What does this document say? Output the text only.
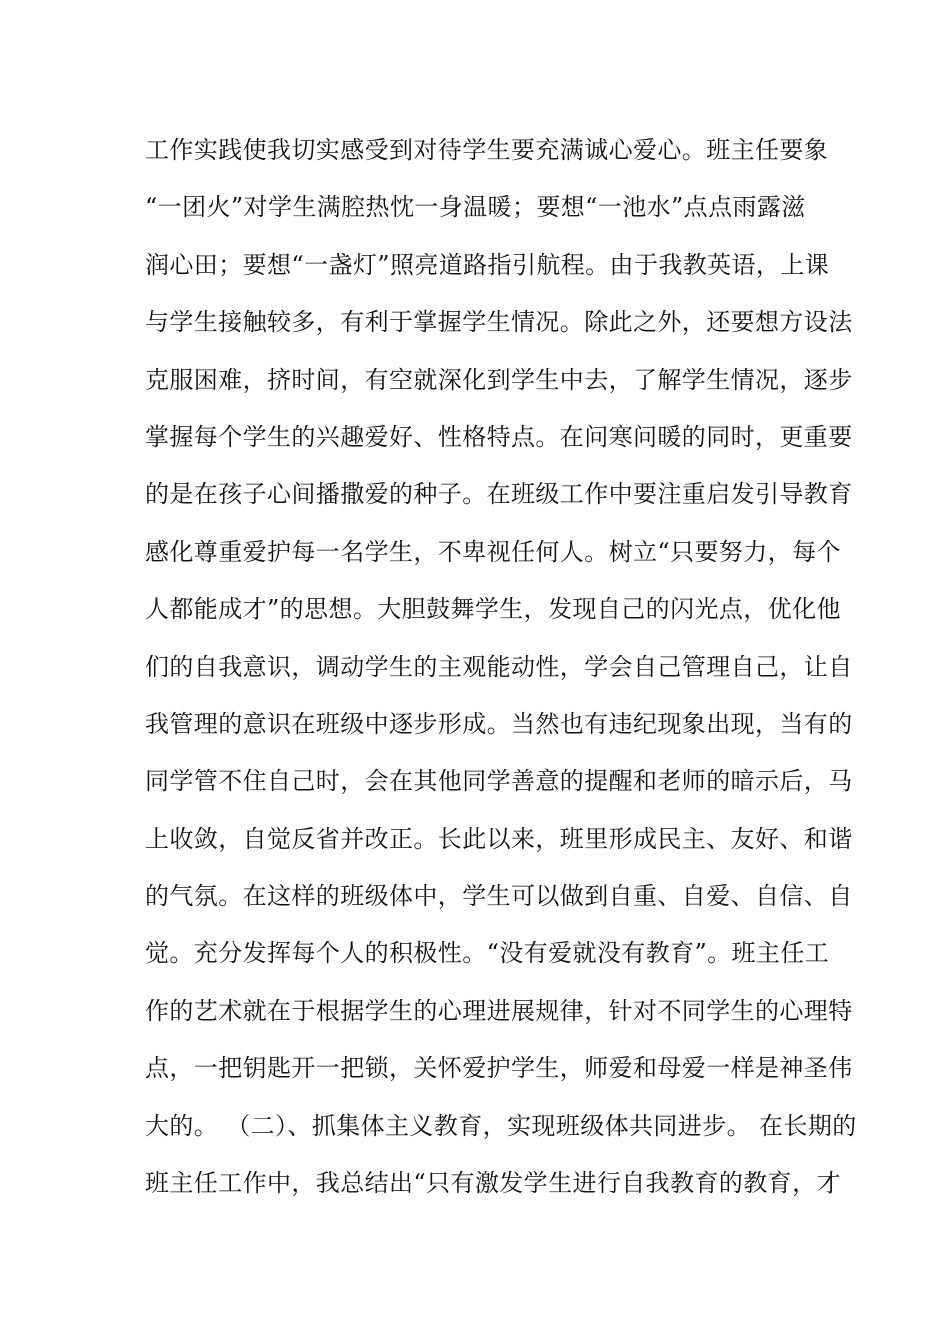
工作实践使我切实感受到对待学生要充满诚心爱心。班主任要象
“一团火”对学生满腔热忱一身温暖；要想“一池水”点点雨露滋
润心田；要想“一盏灯”照亮道路指引航程。由于我教英语，上课
与学生接触较多，有利于掌握学生情况。除此之外，还要想方设法
克服困难，挤时间，有空就深化到学生中去，了解学生情况，逐步
掌握每个学生的兴趣爱好、性格特点。在问寒问暖的同时，更重要
的是在孩子心间播撒爱的种子。在班级工作中要注重启发引导教育
感化尊重爱护每一名学生，不卑视任何人。树立“只要努力，每个
人都能成才”的思想。大胆鼓舞学生，发现自己的闪光点，优化他
们的自我意识，调动学生的主观能动性，学会自己管理自己，让自
我管理的意识在班级中逐步形成。当然也有违纪现象出现，当有的
同学管不住自己时，会在其他同学善意的提醒和老师的暗示后，马
上收敛，自觉反省并改正。长此以来，班里形成民主、友好、和谐
的气氛。在这样的班级体中，学生可以做到自重、自爱、自信、自
觉。充分发挥每个人的积极性。“没有爱就没有教育”。班主任工
作的艺术就在于根据学生的心理进展规律，针对不同学生的心理特
点，一把钥匙开一把锁，关怀爱护学生，师爱和母爱一样是神圣伟
大的。 （二）、抓集体主义教育，实现班级体共同进步。 在长期的
班主任工作中，我总结出“只有激发学生进行自我教育的教育，才
